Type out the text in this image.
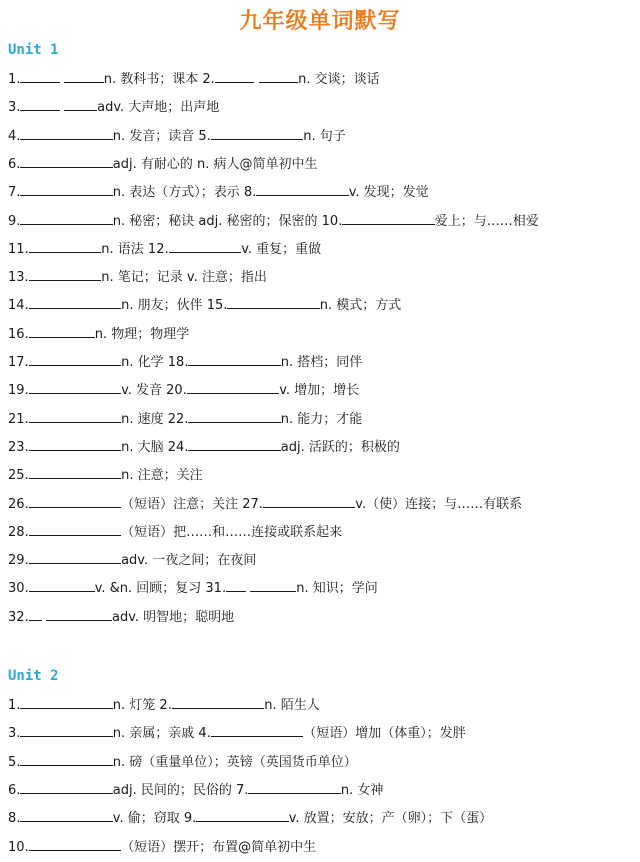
九年级单词默写
Unit 1
1.	n. 教科书；课本 2.	n. 交谈；谈话
3.	adv. 大声地；出声地
4.	n. 发音；读音 5.	n. 句子
6.	adj. 有耐心的 n. 病人@简单初中生
7.	n. 表达（方式）；表示 8.	v. 发现；发觉
9.	n. 秘密；秘诀 adj. 秘密的；保密的 10.	爱上；与……相爱
11.	n. 语法 12.	v. 重复；重做
13.	n. 笔记；记录 v. 注意；指出
14.	n. 朋友；伙伴 15.	n. 模式；方式
16.	n. 物理；物理学
17.	n. 化学 18.	n. 搭档；同伴
19.	v. 发音 20.	v. 增加；增长
21.	n. 速度 22.	n. 能力；才能
23.	n. 大脑 24.	adj. 活跃的；积极的
25.	n. 注意；关注
26.	（短语）注意；关注 27.	v.（使）连接；与……有联系
28.	（短语）把……和……连接或联系起来
29.	adv. 一夜之间；在夜间
30.	v. &n. 回顾；复习 31.	n. 知识；学问
32.	adv. 明智地；聪明地
Unit 2
1.	n. 灯笼 2.	n. 陌生人
3.	n. 亲属；亲戚 4.	（短语）增加（体重）；发胖
5.	n. 磅（重量单位）；英镑（英国货币单位）
6.	adj. 民间的；民俗的 7.	n. 女神
8.	v. 偷；窃取 9.	v. 放置；安放；产（卵）；下（蛋）
10.	（短语）摆开；布置@简单初中生
